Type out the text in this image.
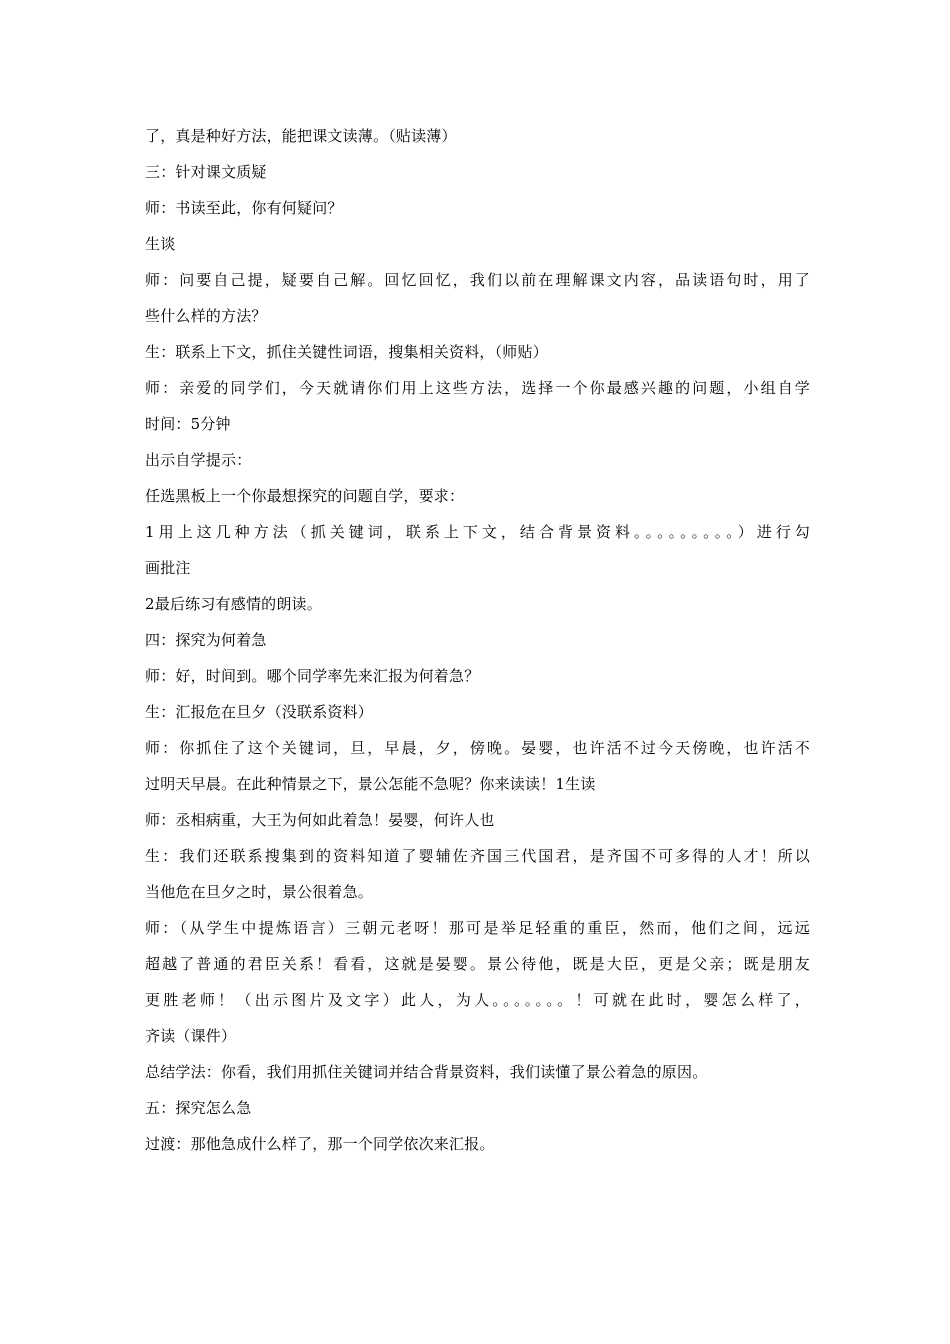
了，真是种好方法，能把课文读薄。（贴读薄）

三：针对课文质疑

师：书读至此，你有何疑问？

生谈

师：问要自己提，疑要自己解。回忆回忆，我们以前在理解课文内容，品读语句时，用了

些什么样的方法？

生：联系上下文，抓住关键性词语，搜集相关资料，（师贴）

师：亲爱的同学们，今天就请你们用上这些方法，选择一个你最感兴趣的问题，小组自学

时间：5分钟

出示自学提示：

任选黑板上一个你最想探究的问题自学，要求：

1用上这几种方法（抓关键词，联系上下文，结合背景资料。。。。。。。。。）进行勾

画批注

2最后练习有感情的朗读。

四：探究为何着急

师：好，时间到。哪个同学率先来汇报为何着急？

生：汇报危在旦夕（没联系资料）

师：你抓住了这个关键词，旦，早晨，夕，傍晚。晏婴，也许活不过今天傍晚，也许活不

过明天早晨。在此种情景之下，景公怎能不急呢？你来读读！1生读

师：丞相病重，大王为何如此着急！晏婴，何许人也

生：我们还联系搜集到的资料知道了婴辅佐齐国三代国君，是齐国不可多得的人才！所以

当他危在旦夕之时，景公很着急。

师：（从学生中提炼语言）三朝元老呀！那可是举足轻重的重臣，然而，他们之间，远远

超越了普通的君臣关系！看看，这就是晏婴。景公待他，既是大臣，更是父亲；既是朋友

更胜老师！（出示图片及文字）此人，为人。。。。。。。！可就在此时，婴怎么样了，

齐读（课件）

总结学法：你看，我们用抓住关键词并结合背景资料，我们读懂了景公着急的原因。

五：探究怎么急

过渡：那他急成什么样了，那一个同学依次来汇报。
